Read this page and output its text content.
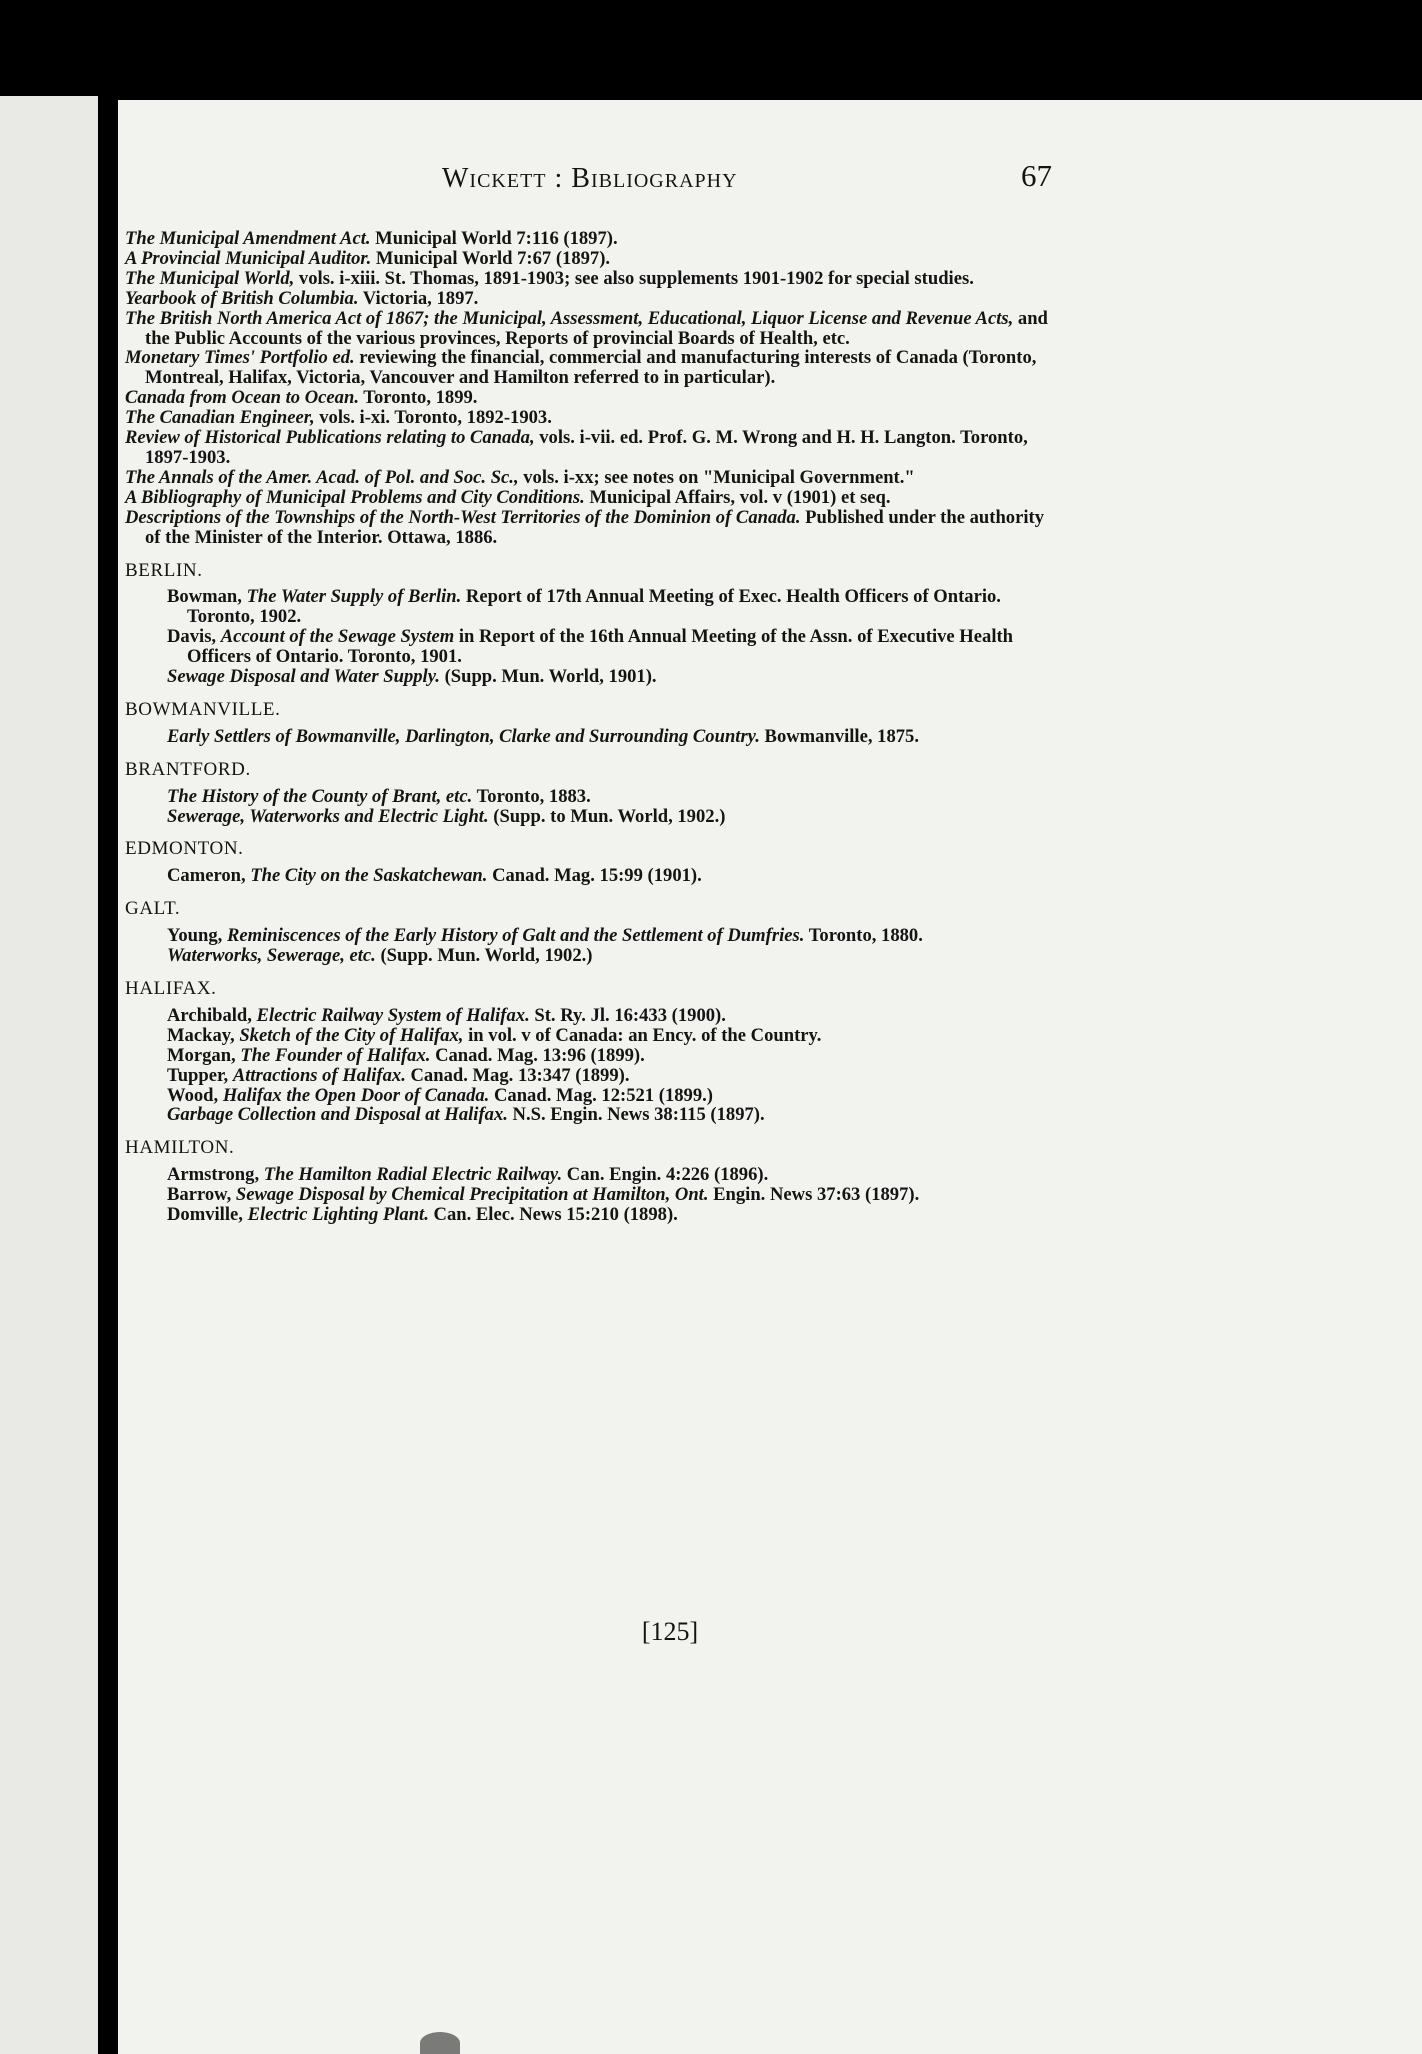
Wickett : Bibliography	67
The Municipal Amendment Act. Municipal World 7:116 (1897).
A Provincial Municipal Auditor. Municipal World 7:67 (1897).
The Municipal World, vols. i-xiii. St. Thomas, 1891-1903; see also supplements 1901-1902 for special studies.
Yearbook of British Columbia. Victoria, 1897.
The British North America Act of 1867; the Municipal, Assessment, Educational, Liquor License and Revenue Acts, and the Public Accounts of the various provinces, Reports of provincial Boards of Health, etc.
Monetary Times' Portfolio ed. reviewing the financial, commercial and manufacturing interests of Canada (Toronto, Montreal, Halifax, Victoria, Vancouver and Hamilton referred to in particular).
Canada from Ocean to Ocean. Toronto, 1899.
The Canadian Engineer, vols. i-xi. Toronto, 1892-1903.
Review of Historical Publications relating to Canada, vols. i-vii. ed. Prof. G. M. Wrong and H. H. Langton. Toronto, 1897-1903.
The Annals of the Amer. Acad. of Pol. and Soc. Sc., vols. i-xx; see notes on "Municipal Government."
A Bibliography of Municipal Problems and City Conditions. Municipal Affairs, vol. v (1901) et seq.
Descriptions of the Townships of the North-West Territories of the Dominion of Canada. Published under the authority of the Minister of the Interior. Ottawa, 1886.
BERLIN.
Bowman, The Water Supply of Berlin. Report of 17th Annual Meeting of Exec. Health Officers of Ontario. Toronto, 1902.
Davis, Account of the Sewage System in Report of the 16th Annual Meeting of the Assn. of Executive Health Officers of Ontario. Toronto, 1901.
Sewage Disposal and Water Supply. (Supp. Mun. World, 1901).
BOWMANVILLE.
Early Settlers of Bowmanville, Darlington, Clarke and Surrounding Country. Bowmanville, 1875.
BRANTFORD.
The History of the County of Brant, etc. Toronto, 1883.
Sewerage, Waterworks and Electric Light. (Supp. to Mun. World, 1902.)
EDMONTON.
Cameron, The City on the Saskatchewan. Canad. Mag. 15:99 (1901).
GALT.
Young, Reminiscences of the Early History of Galt and the Settlement of Dumfries. Toronto, 1880.
Waterworks, Sewerage, etc. (Supp. Mun. World, 1902.)
HALIFAX.
Archibald, Electric Railway System of Halifax. St. Ry. Jl. 16:433 (1900).
Mackay, Sketch of the City of Halifax, in vol. v of Canada: an Ency. of the Country.
Morgan, The Founder of Halifax. Canad. Mag. 13:96 (1899).
Tupper, Attractions of Halifax. Canad. Mag. 13:347 (1899).
Wood, Halifax the Open Door of Canada. Canad. Mag. 12:521 (1899.)
Garbage Collection and Disposal at Halifax. N.S. Engin. News 38:115 (1897).
HAMILTON.
Armstrong, The Hamilton Radial Electric Railway. Can. Engin. 4:226 (1896).
Barrow, Sewage Disposal by Chemical Precipitation at Hamilton, Ont. Engin. News 37:63 (1897).
Domville, Electric Lighting Plant. Can. Elec. News 15:210 (1898).
[125]
